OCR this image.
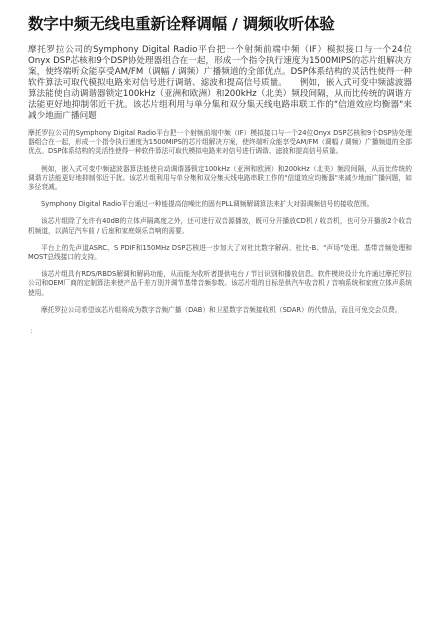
数字中频无线电重新诠释调幅 / 调频收听体验
摩托罗拉公司的Symphony Digital Radio平台把一个射频前端中频（IF）模拟接口与一个24位Onyx DSP芯核和9个DSP协处理器组合在一起，形成一个指令执行速度为1500MIPS的芯片组解决方案，使终端听众能享受AM/FM（调幅 / 调频）广播频道的全部优点。DSP体系结构的灵活性使得一种软件算法可取代模拟电路来对信号进行调谐、滤波和提高信号质量。　　例如，嵌入式可变中频滤波器算法能使自动调谐器锁定100kHz（亚洲和欧洲）和200kHz（北美）频段间隔，从而比传统的调谐方法能更好地抑制邻近干扰。该芯片组利用与单分集和双分集天线电路串联工作的"信道效应均衡器"来减少地面广播问题
摩托罗拉公司的Symphony Digital Radio平台把一个射频前端中频（IF）模拟接口与一个24位Onyx DSP芯核和9个DSP协处理器组合在一起，形成一个指令执行速度为1500MIPS的芯片组解决方案，使终端听众能享受AM/FM（调幅 / 调频）广播频道的全部优点。DSP体系结构的灵活性使得一种软件算法可取代模拟电路来对信号进行调谐、滤波和提高信号质量。
例如，嵌入式可变中频滤波器算法能使自动调谐器锁定100kHz（亚洲和欧洲）和200kHz（北美）频段间隔，从而比传统的调谐方法能更好地抑制邻近干扰。该芯片组利用与单分集和双分集天线电路串联工作的"信道效应均衡器"来减少地面广播问题，如多径衰减。
Symphony Digital Radio平台通过一种能提高信噪比的固有PLL调频解调算法来扩大对弱调频信号的接收范围。
该芯片组除了允许有40dB的立体声隔离度之外，还可进行双音源播放，既可分开播放CD机 / 收音机，也可分开播放2个收音机频道，以满足汽车前 / 后座和家庭娱乐音响的需要。
平台上的先声道ASRC、S PDIF和150MHz DSP芯核进一步加大了对杜比数字解码、杜比-B、"声场"处理、基带音频处理和MOST总线接口的支持。
该芯片组具有RDS/RBDS解调和解码功能，从而能为收听者提供电台 / 节目识别和播放信息。软件模块设计允许通过摩托罗拉公司和OEM厂商的定制算法来使产品千差万别并调节基带音频参数。该芯片组的目标是供汽车收音机 / 音响系统和家庭立体声系统使用。
摩托罗拉公司希望该芯片组将成为数字音频广播（DAB）和卫星数字音频接收机（SDAR）的代替品，而且可免交会员费。
:
